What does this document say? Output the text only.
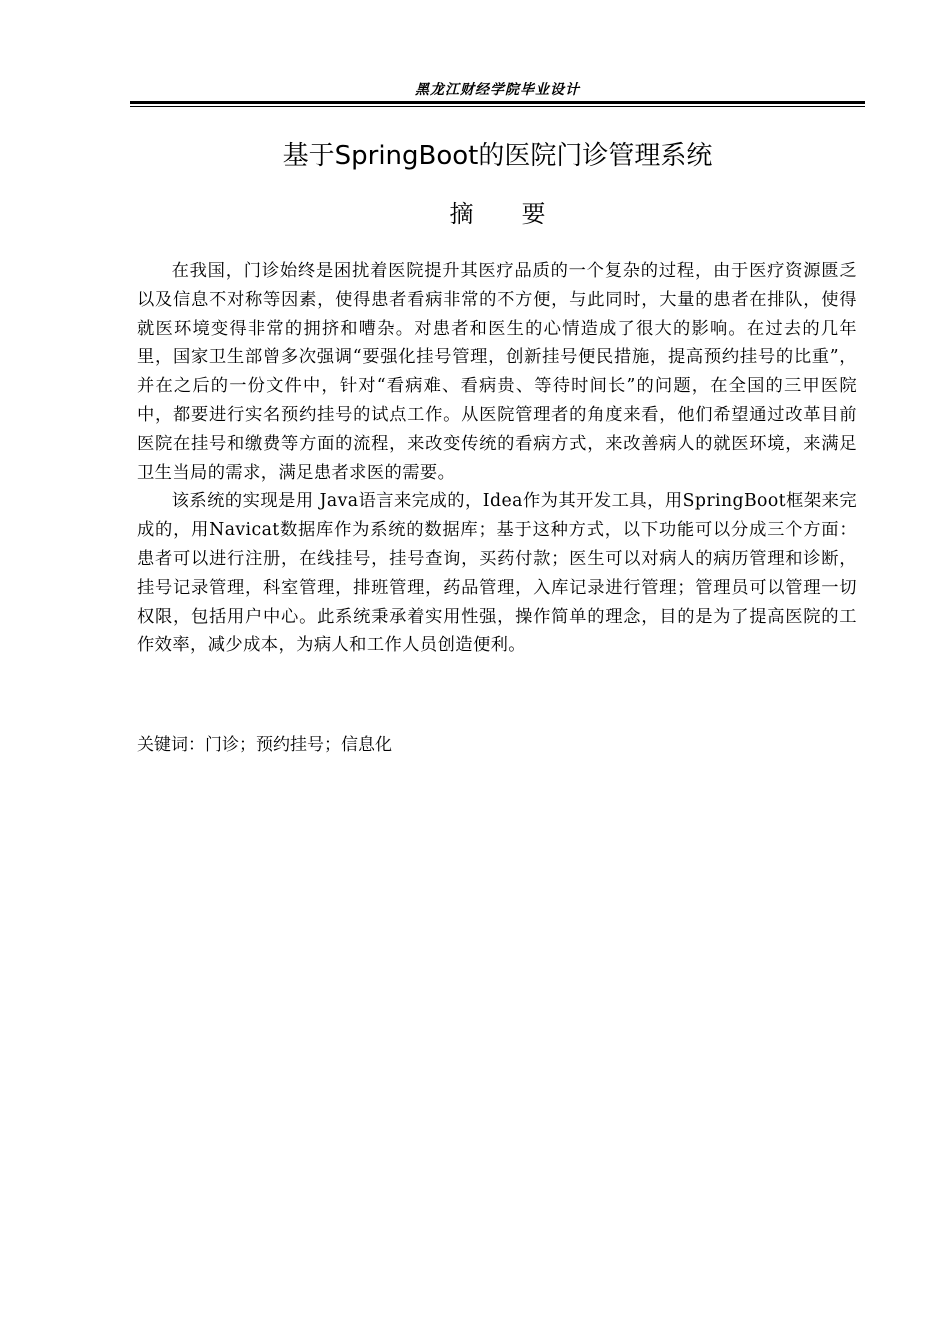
黑龙江财经学院毕业设计
基于SpringBoot的医院门诊管理系统
摘要

在我国，门诊始终是困扰着医院提升其医疗品质的一个复杂的过程，由于医疗资源匮乏以及信息不对称等因素，使得患者看病非常的不方便，与此同时，大量的患者在排队，使得就医环境变得非常的拥挤和嘈杂。对患者和医生的心情造成了很大的影响。在过去的几年里，国家卫生部曾多次强调“要强化挂号管理，创新挂号便民措施，提高预约挂号的比重”，并在之后的一份文件中，针对“看病难、看病贵、等待时间长”的问题，在全国的三甲医院中，都要进行实名预约挂号的试点工作。从医院管理者的角度来看，他们希望通过改革目前医院在挂号和缴费等方面的流程，来改变传统的看病方式，来改善病人的就医环境，来满足卫生当局的需求，满足患者求医的需要。

该系统的实现是用 Java语言来完成的，Idea作为其开发工具，用SpringBoot框架来完成的，用Navicat数据库作为系统的数据库；基于这种方式，以下功能可以分成三个方面：患者可以进行注册，在线挂号，挂号查询，买药付款；医生可以对病人的病历管理和诊断，挂号记录管理，科室管理，排班管理，药品管理，入库记录进行管理；管理员可以管理一切权限，包括用户中心。此系统秉承着实用性强，操作简单的理念，目的是为了提高医院的工作效率，减少成本，为病人和工作人员创造便利。

关键词：门诊；预约挂号；信息化
